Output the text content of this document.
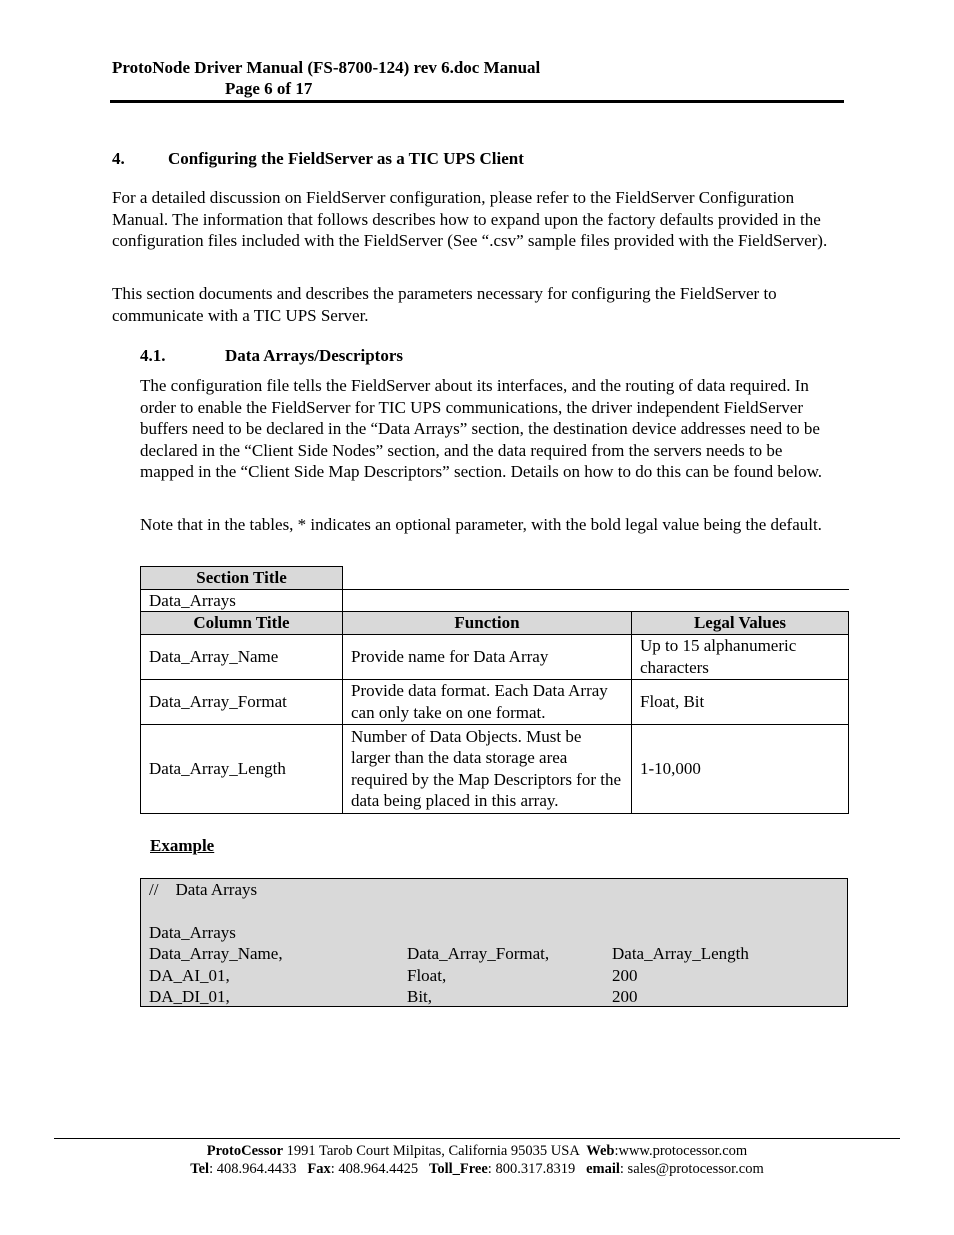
ProtoNode Driver Manual (FS-8700-124) rev 6.doc Manual
Page 6 of 17
4.	Configuring the FieldServer as a TIC UPS Client

For a detailed discussion on FieldServer configuration, please refer to the FieldServer Configuration Manual. The information that follows describes how to expand upon the factory defaults provided in the configuration files included with the FieldServer (See “.csv” sample files provided with the FieldServer).

This section documents and describes the parameters necessary for configuring the FieldServer to communicate with a TIC UPS Server.

4.1.	Data Arrays/Descriptors

The configuration file tells the FieldServer about its interfaces, and the routing of data required. In order to enable the FieldServer for TIC UPS communications, the driver independent FieldServer buffers need to be declared in the “Data Arrays” section, the destination device addresses need to be declared in the “Client Side Nodes” section, and the data required from the servers needs to be mapped in the “Client Side Map Descriptors” section. Details on how to do this can be found below.

Note that in the tables, * indicates an optional parameter, with the bold legal value being the default.

Section Title		
Data_Arrays		
Column Title	Function	Legal Values
Data_Array_Name	Provide name for Data Array	Up to 15 alphanumeric characters
Data_Array_Format	Provide data format. Each Data Array can only take on one format.	Float, Bit
Data_Array_Length	Number of Data Objects. Must be larger than the data storage area required by the Map Descriptors for the data being placed in this array.	1-10,000
Example
//    Data Arrays
Data_Arrays
Data_Array_Name,	Data_Array_Format,	Data_Array_Length
DA_AI_01,	Float,	200
DA_DI_01,	Bit,	200
ProtoCessor 1991 Tarob Court Milpitas, California 95035 USA  Web:www.protocessor.com
Tel: 408.964.4433   Fax: 408.964.4425   Toll_Free: 800.317.8319   email: sales@protocessor.com
